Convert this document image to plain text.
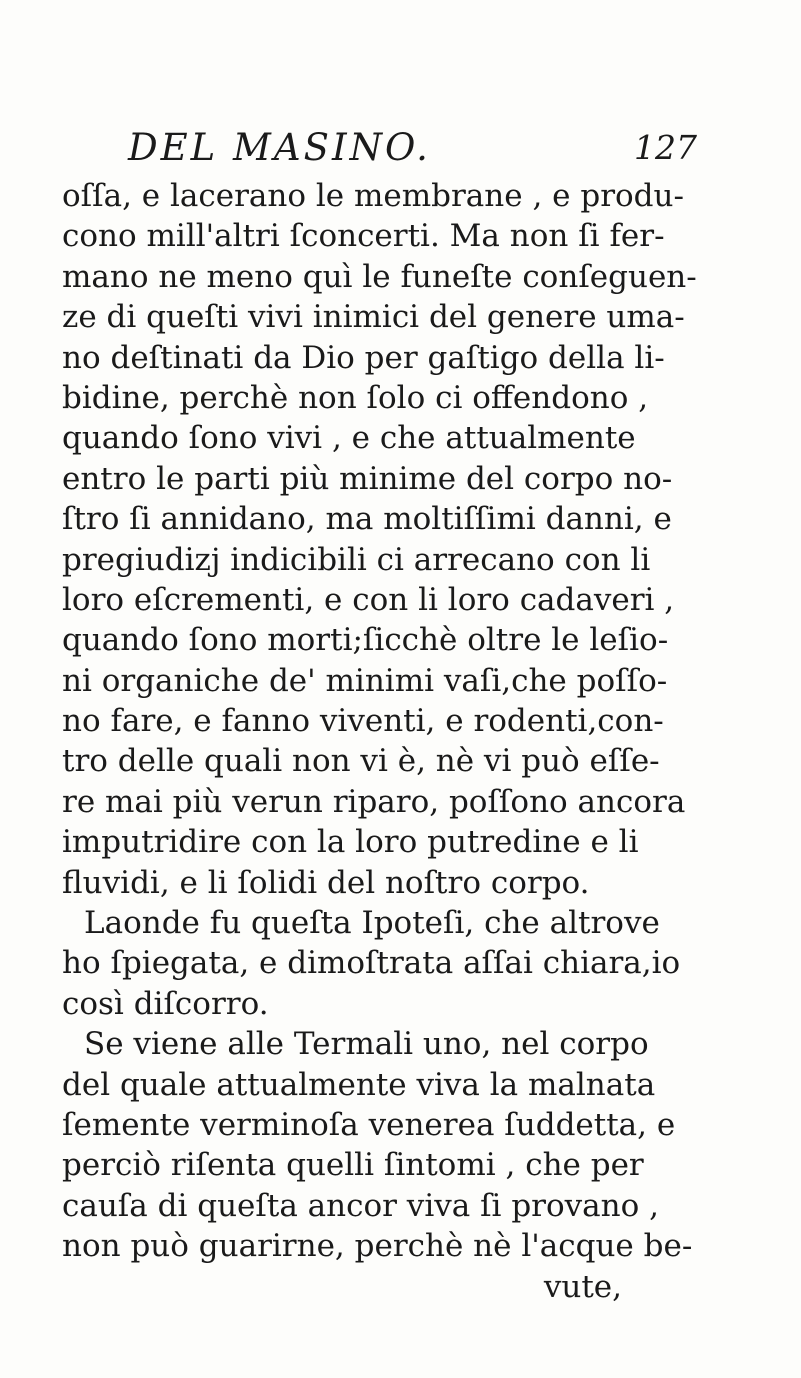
DEL MASINO.	127
oſſa, e lacerano le membrane , e produ-
cono mill'altri ſconcerti. Ma non ſi fer-
mano ne meno quì le funeſte conſeguen-
ze di queſti vivi inimici del genere uma-
no deſtinati da Dio per gaſtigo della li-
bidine, perchè non ſolo ci offendono ,
quando ſono vivi , e che attualmente
entro le parti più minime del corpo no-
ſtro ſi annidano, ma moltiſſimi danni, e
pregiudizj indicibili ci arrecano con li
loro eſcrementi, e con li loro cadaveri ,
quando ſono morti;ſicchè oltre le leſio-
ni organiche de' minimi vaſi,che poſſo-
no fare, e fanno viventi, e rodenti,con-
tro delle quali non vi è, nè vi può eſſe-
re mai più verun riparo, poſſono ancora
imputridire con la loro putredine e li
fluvidi, e li ſolidi del noſtro corpo.
Laonde fu queſta Ipoteſi, che altrove
ho ſpiegata, e dimoſtrata aſſai chiara,io
così diſcorro.
Se viene alle Termali uno, nel corpo
del quale attualmente viva la malnata
ſemente verminoſa venerea ſuddetta, e
perciò riſenta quelli ſintomi , che per
cauſa di queſta ancor viva ſi provano ,
non può guarirne, perchè nè l'acque be-
vute,
